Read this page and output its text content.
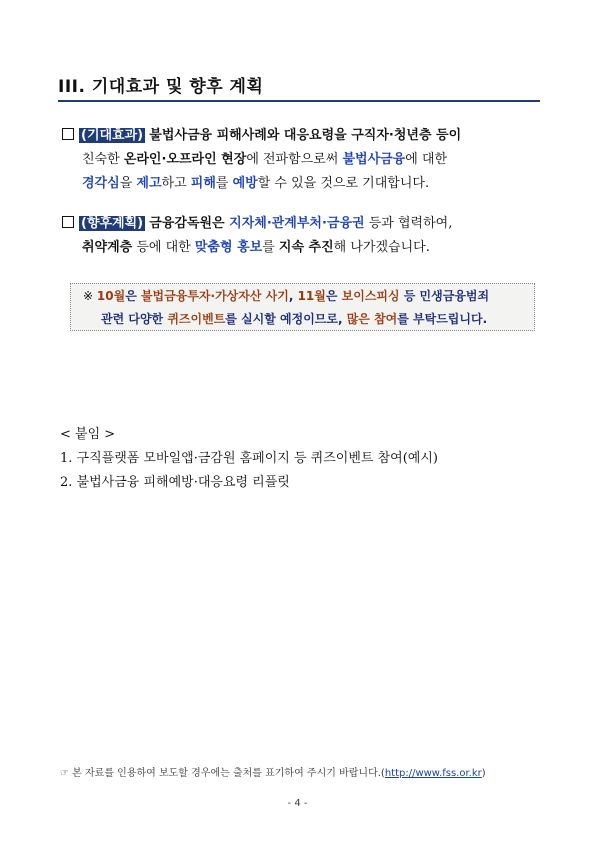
III. 기대효과 및 향후 계획
(기대효과) 불법사금융 피해사례와 대응요령을 구직자·청년층 등이
친숙한 온라인·오프라인 현장에 전파함으로써 불법사금융에 대한
경각심을 제고하고 피해를 예방할 수 있을 것으로 기대합니다.
(향후계획) 금융감독원은 지자체·관계부처·금융권 등과 협력하여,
취약계층 등에 대한 맞춤형 홍보를 지속 추진해 나가겠습니다.
※ 10월은 불법금융투자·가상자산 사기, 11월은 보이스피싱 등 민생금융범죄
관련 다양한 퀴즈이벤트를 실시할 예정이므로, 많은 참여를 부탁드립니다.
< 붙임 >
1. 구직플랫폼 모바일앱·금감원 홈페이지 등 퀴즈이벤트 참여(예시)
2. 불법사금융 피해예방·대응요령 리플릿
☞ 본 자료를 인용하여 보도할 경우에는 출처를 표기하여 주시기 바랍니다.(http://www.fss.or.kr)
- 4 -
